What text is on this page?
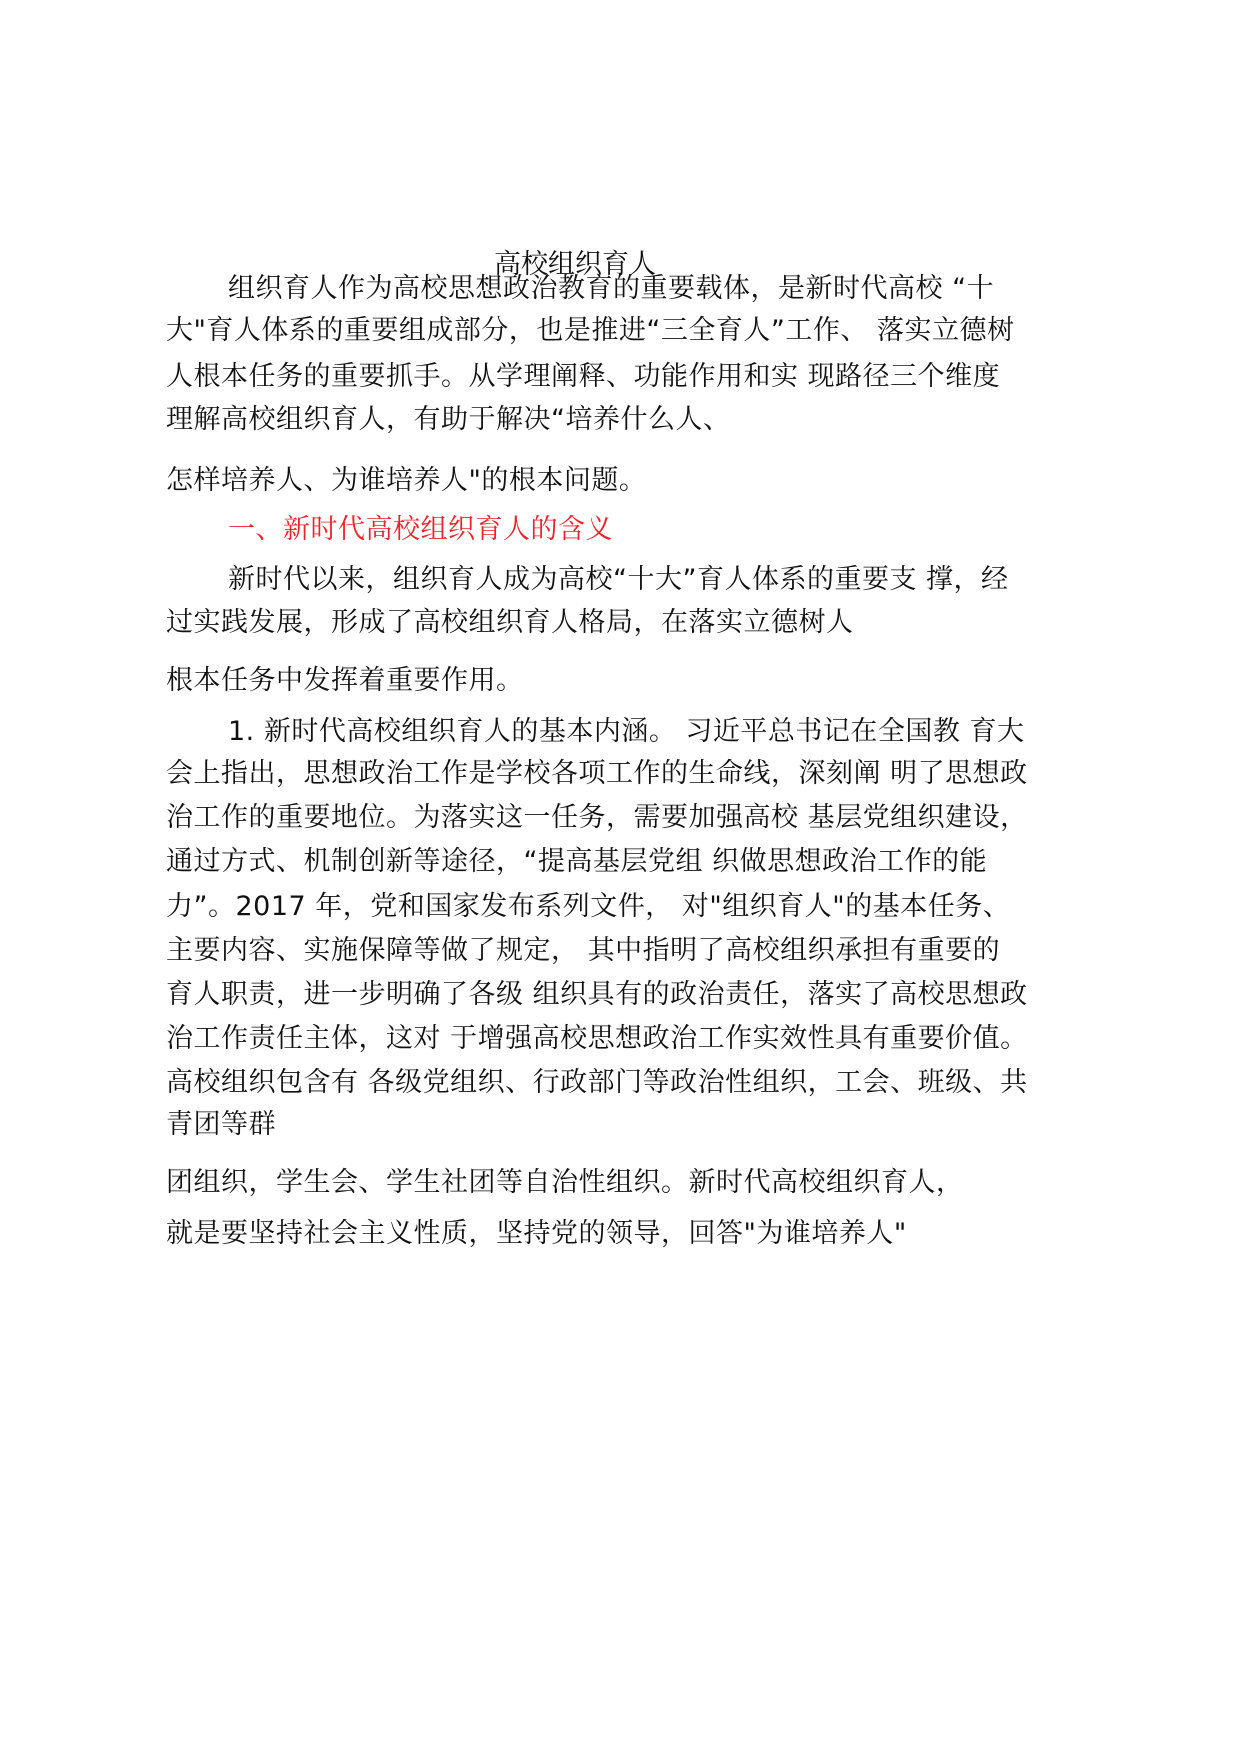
高校组织育人
组织育人作为高校思想政治教育的重要载体，是新时代高校 “十
大"育人体系的重要组成部分，也是推进“三全育人”工作、 落实立德树
人根本任务的重要抓手。从学理阐释、功能作用和实 现路径三个维度
理解高校组织育人，有助于解决“培养什么人、
怎样培养人、为谁培养人"的根本问题。
一、新时代高校组织育人的含义
新时代以来，组织育人成为高校“十大”育人体系的重要支 撑，经
过实践发展，形成了高校组织育人格局，在落实立德树人
根本任务中发挥着重要作用。
1. 新时代高校组织育人的基本内涵。 习近平总书记在全国教 育大
会上指出，思想政治工作是学校各项工作的生命线，深刻阐 明了思想政
治工作的重要地位。为落实这一任务，需要加强高校 基层党组织建设，
通过方式、机制创新等途径，“提高基层党组 织做思想政治工作的能
力”。2017 年，党和国家发布系列文件， 对"组织育人"的基本任务、
主要内容、实施保障等做了规定， 其中指明了高校组织承担有重要的
育人职责，进一步明确了各级 组织具有的政治责任，落实了高校思想政
治工作责任主体，这对 于增强高校思想政治工作实效性具有重要价值。
高校组织包含有 各级党组织、行政部门等政治性组织，工会、班级、共
青团等群
团组织，学生会、学生社团等自治性组织。新时代高校组织育人，
就是要坚持社会主义性质，坚持党的领导，回答"为谁培养人"
